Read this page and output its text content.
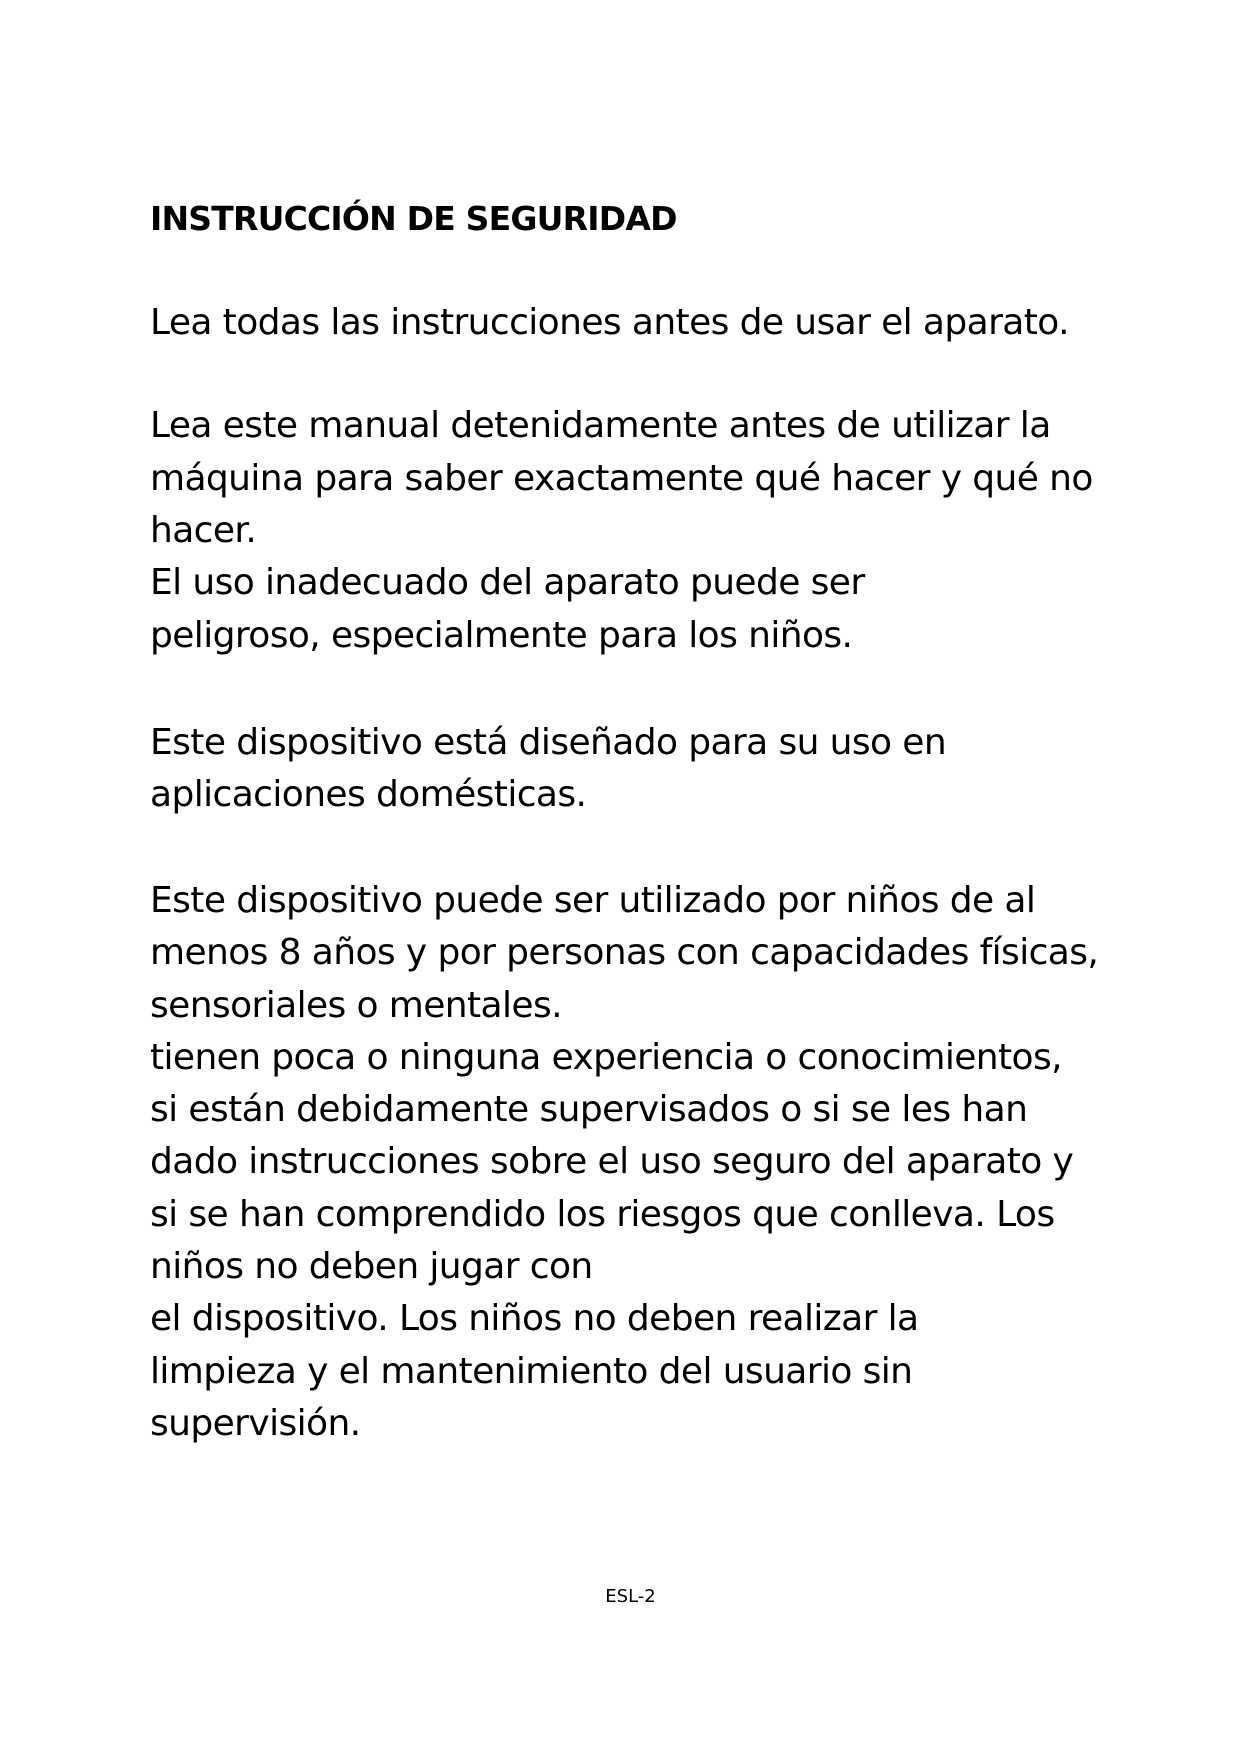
INSTRUCCIÓN DE SEGURIDAD

Lea todas las instrucciones antes de usar el aparato.

Lea este manual detenidamente antes de utilizar la

máquina para saber exactamente qué hacer y qué no

hacer.

El uso inadecuado del aparato puede ser

peligroso, especialmente para los niños.

Este dispositivo está diseñado para su uso en

aplicaciones domésticas.

Este dispositivo puede ser utilizado por niños de al

menos 8 años y por personas con capacidades físicas,

sensoriales o mentales.

tienen poca o ninguna experiencia o conocimientos,

si están debidamente supervisados o si se les han

dado instrucciones sobre el uso seguro del aparato y

si se han comprendido los riesgos que conlleva. Los

niños no deben jugar con

el dispositivo. Los niños no deben realizar la

limpieza y el mantenimiento del usuario sin

supervisión.

ESL-2
